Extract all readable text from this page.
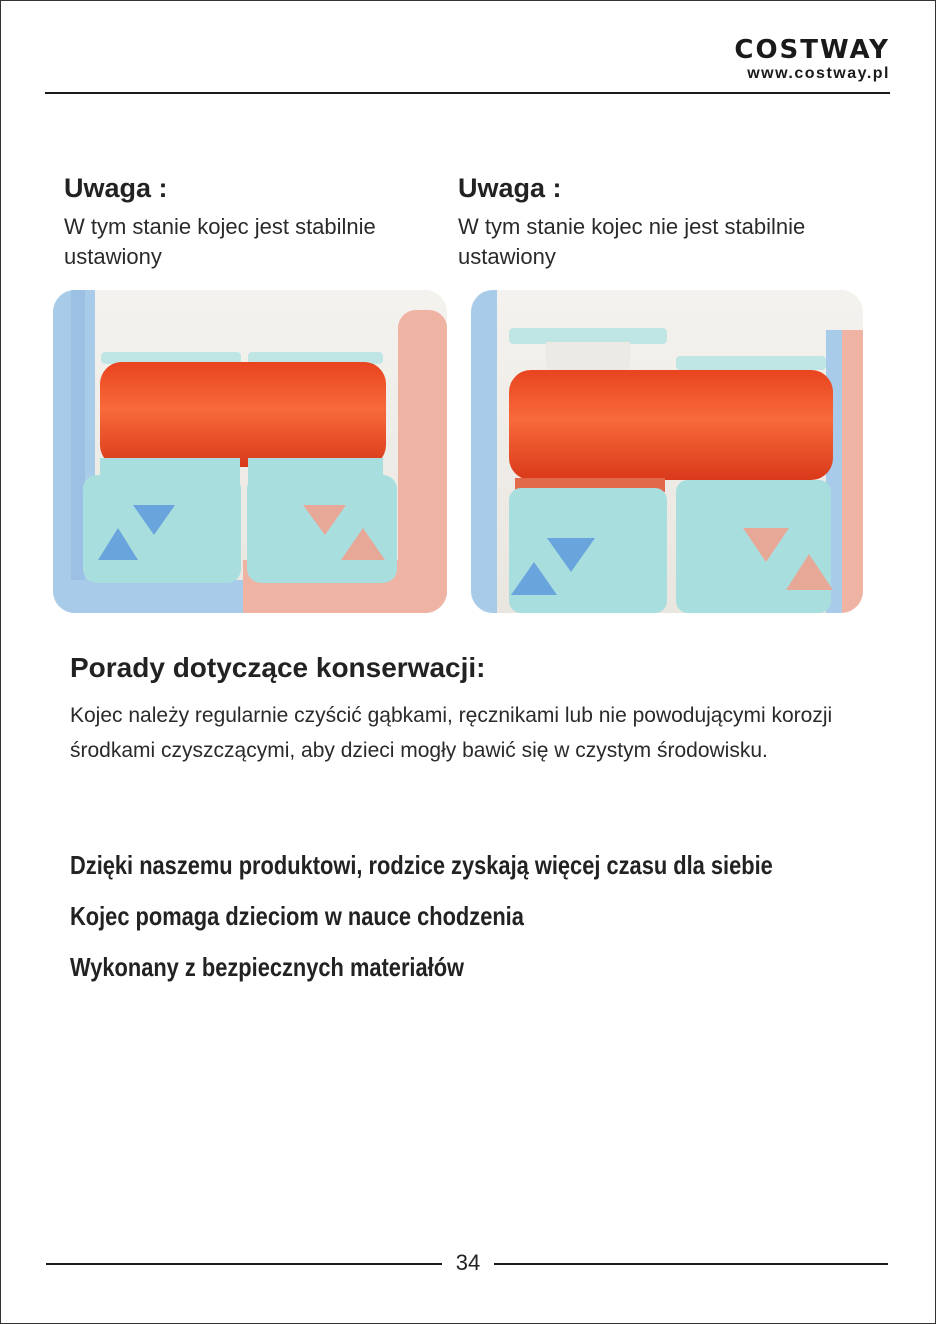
COSTWAY
www.costway.pl
Uwaga :

W tym stanie kojec jest stabilnie ustawiony

Uwaga :

W tym stanie kojec nie jest stabilnie ustawiony

Porady dotyczące konserwacji:

Kojec należy regularnie czyścić gąbkami, ręcznikami lub nie powodującymi korozji środkami czyszczącymi, aby dzieci mogły bawić się w czystym środowisku.

Dzięki naszemu produktowi, rodzice zyskają więcej czasu dla siebie
Kojec pomaga dzieciom w nauce chodzenia
Wykonany z bezpiecznych materiałów
34
